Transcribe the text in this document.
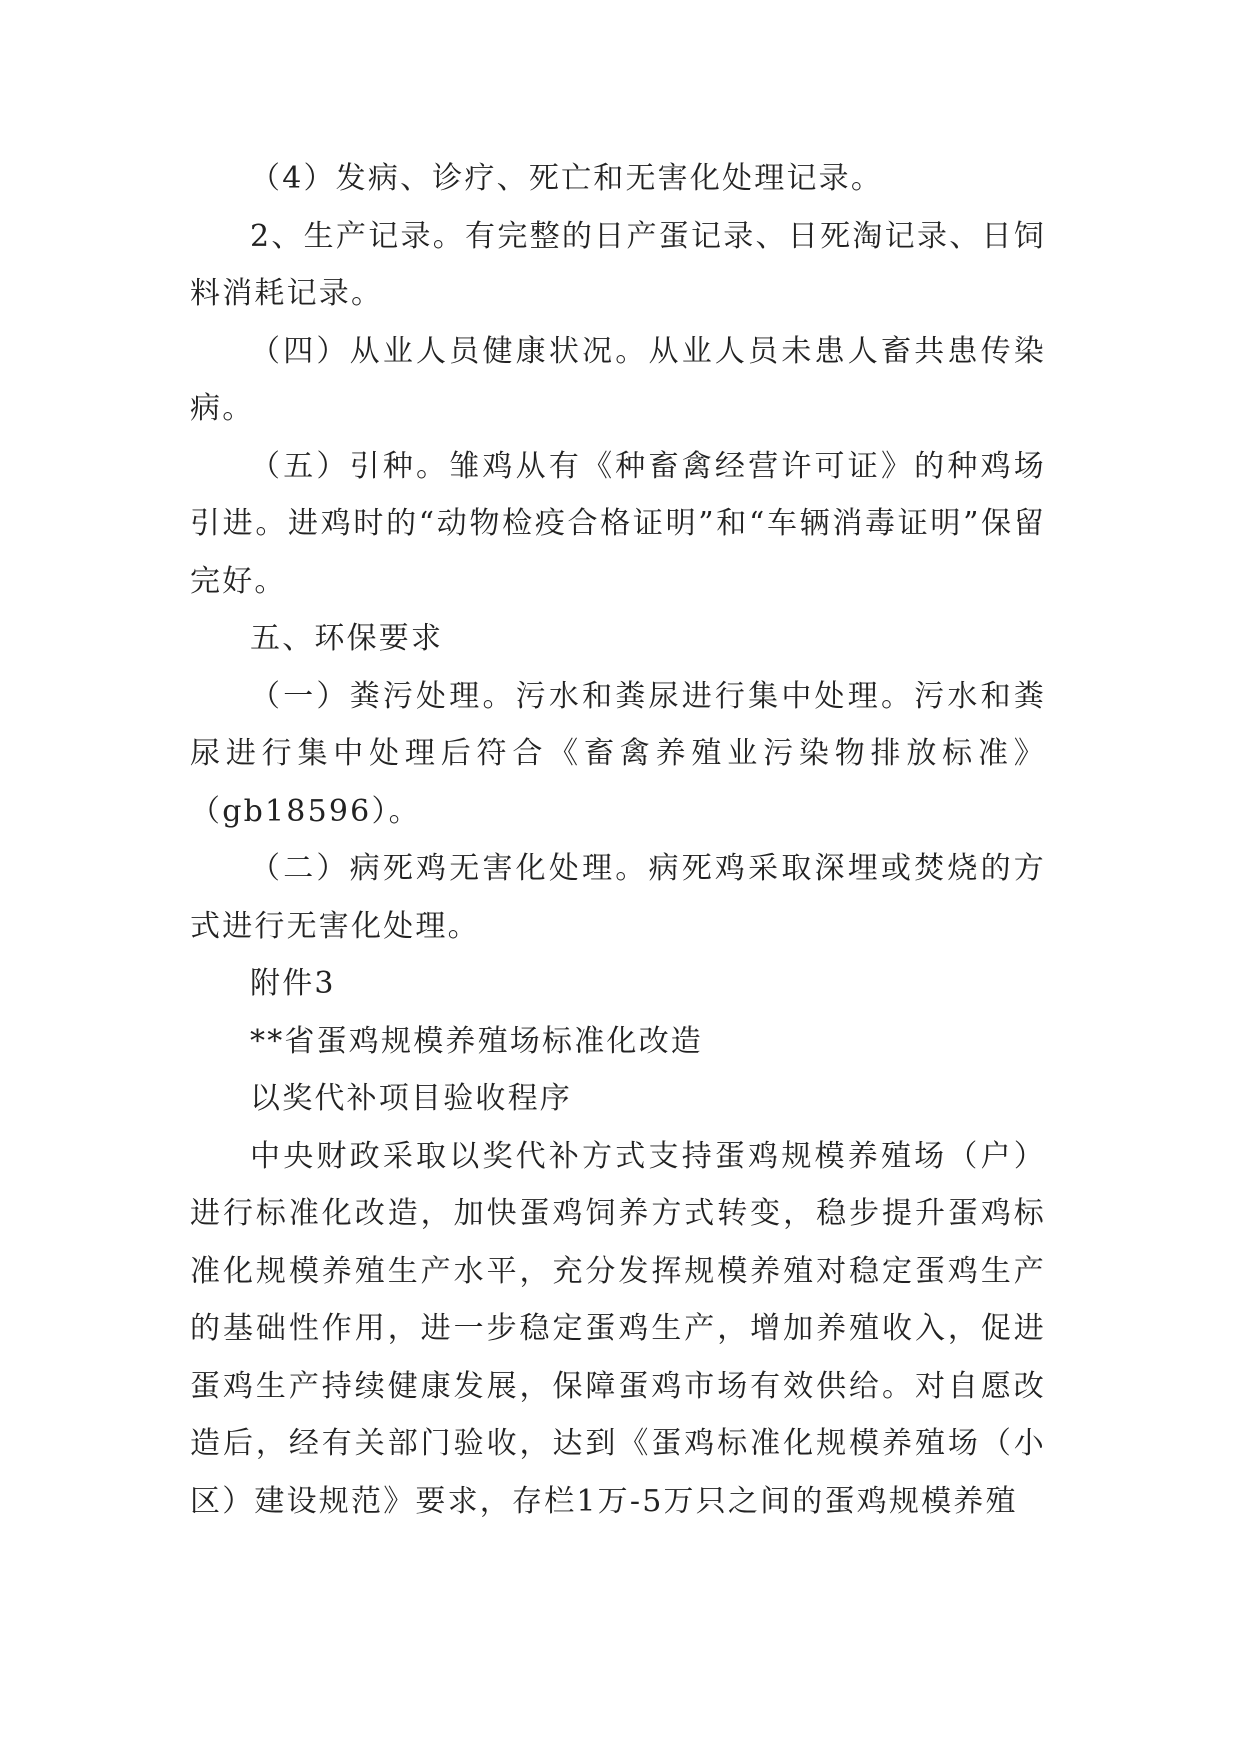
（4）发病、诊疗、死亡和无害化处理记录。

2、生产记录。有完整的日产蛋记录、日死淘记录、日饲料消耗记录。

（四）从业人员健康状况。从业人员未患人畜共患传染病。

（五）引种。雏鸡从有《种畜禽经营许可证》的种鸡场引进。进鸡时的“动物检疫合格证明”和“车辆消毒证明”保留完好。

五、环保要求

（一）粪污处理。污水和粪尿进行集中处理。污水和粪尿进行集中处理后符合《畜禽养殖业污染物排放标准》（gb18596）。

（二）病死鸡无害化处理。病死鸡采取深埋或焚烧的方式进行无害化处理。

附件3

**省蛋鸡规模养殖场标准化改造

以奖代补项目验收程序

中央财政采取以奖代补方式支持蛋鸡规模养殖场（户）进行标准化改造，加快蛋鸡饲养方式转变，稳步提升蛋鸡标准化规模养殖生产水平，充分发挥规模养殖对稳定蛋鸡生产的基础性作用，进一步稳定蛋鸡生产，增加养殖收入，促进蛋鸡生产持续健康发展，保障蛋鸡市场有效供给。对自愿改造后，经有关部门验收，达到《蛋鸡标准化规模养殖场（小区）建设规范》要求，存栏1万-5万只之间的蛋鸡规模养殖
